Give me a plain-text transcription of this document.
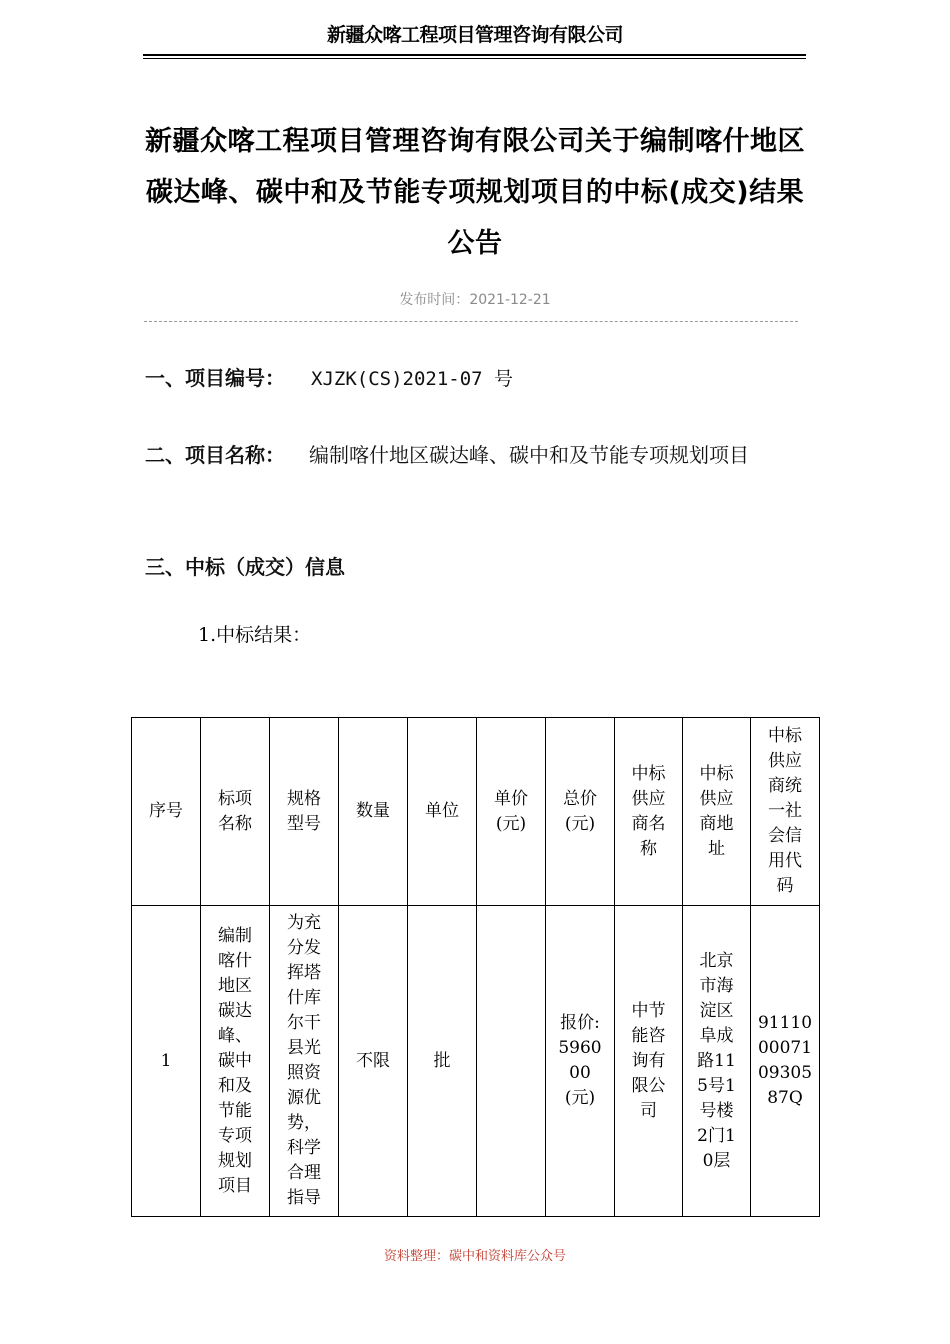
新疆众喀工程项目管理咨询有限公司
新疆众喀工程项目管理咨询有限公司关于编制喀什地区碳达峰、碳中和及节能专项规划项目的中标(成交)结果公告
发布时间：2021-12-21
一、项目编号： XJZK(CS)2021-07 号
二、项目名称： 编制喀什地区碳达峰、碳中和及节能专项规划项目
三、中标（成交）信息
1.中标结果：
序号	标项名称	规格型号	数量	单位	单价(元)	总价(元)	中标供应商名称	中标供应商地址	中标供应商统一社会信用代码
1	编制喀什地区碳达峰、碳中和及节能专项规划项目	为充分发挥塔什库尔干县光照资源优势，科学合理指导	不限	批		报价:596000(元)	中节能咨询有限公司	北京市海淀区阜成路115号1号楼2门10层	91110000710930587Q
资料整理：碳中和资料库公众号
